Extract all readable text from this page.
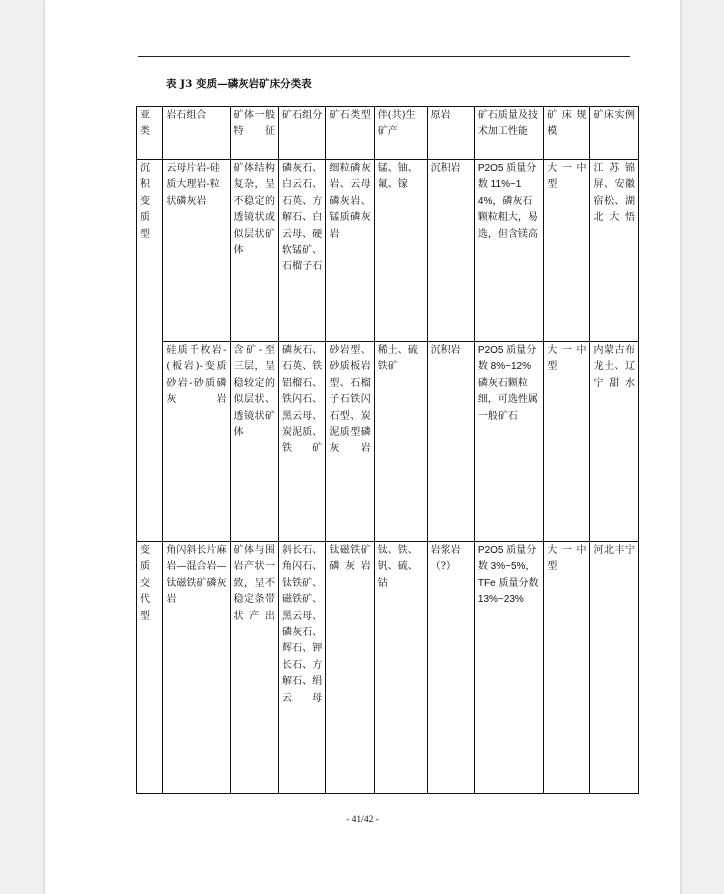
表 J3 变质—磷灰岩矿床分类表
亚类	岩石组合	矿体一般特征	矿石组分	矿石类型	伴(共)生矿产	原岩	矿石质量及技术加工性能	矿床规模	矿床实例
沉积变质型	云母片岩-硅质大理岩-粒状磷灰岩	矿体结构复杂，呈不稳定的透镜状或似层状矿体	磷灰石、白云石、石英、方解石、白云母、硬软锰矿、石榴子石	细粒磷灰岩、云母磷灰岩、锰质磷灰岩	锰、铀、氟、镓	沉积岩	P2O5 质量分数 11%~14%，磷灰石颗粒粗大，易选，但含镁高	大一中型	江苏锦屏、安徽宿松、湖北大悟
	硅质千枚岩-(板岩)-变质砂岩-砂质磷灰岩	含矿-至三层，呈稳较定的似层状、透镜状矿体	磷灰石、石英、铁铝榴石、铁闪石、黑云母、炭泥质、铁矿	砂岩型、砂质板岩型、石榴子石铁闪石型、炭泥质型磷灰岩	稀土、硫铁矿	沉积岩	P2O5 质量分数 8%~12% 磷灰石颗粒细，可选性属一般矿石	大一中型	内蒙古布龙土、辽宁甜水
变质交代型	角闪斜长片麻岩—混合岩—钛磁铁矿磷灰岩	矿体与围岩产状一致，呈不稳定条带状产出	斜长石、角闪石、钛铁矿、磁铁矿、黑云母、磷灰石、辉石、钾长石、方解石、绢云母	钛磁铁矿磷灰岩	钛、铁、钒、硫、钴	岩浆岩（?）	P2O5 质量分数 3%~5%，TFe 质量分数 13%~23%	大一中型	河北丰宁
- 41/42 -
